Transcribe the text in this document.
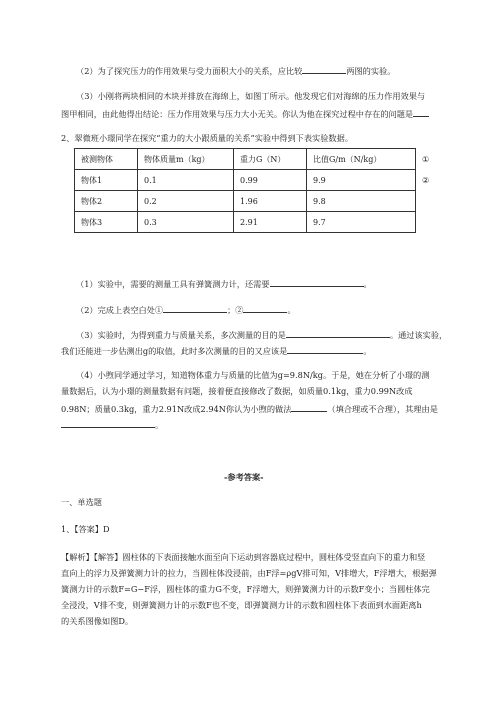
（2）为了探究压力的作用效果与受力面积大小的关系，应比较	两图的实验。
（3）小刚将两块相同的木块并排放在海绵上，如图丁所示。他发现它们对海绵的压力作用效果与
图甲相同，由此他得出结论：压力作用效果与压力大小无关。你认为他在探究过程中存在的问题是
2、翠微班小璟同学在探究“重力的大小跟质量的关系”实验中得到下表实验数据。
被测物体	物体质量m（kg）	重力G（N）	比值G/m（N/kg）	①
物体1	0.1	0.99	9.9	②
物体2	0.2	1.96	9.8	
物体3	0.3	2.91	9.7	
（1）实验中，需要的测量工具有弹簧测力计，还需要	。
（2）完成上表空白处①	；②	。
（3）实验时，为得到重力与质量关系，多次测量的目的是	。通过该实验，
我们还能进一步估测出g的取值，此时多次测量的目的又应该是	。
（4）小煦同学通过学习，知道物体重力与质量的比值为g=9.8N/kg。于是，她在分析了小璟的测
量数据后，认为小璟的测量数据有问题，接着便直接修改了数据，如质量0.1kg，重力0.99N改成
0.98N；质量0.3kg，重力2.91N改成2.94N你认为小煦的做法	（填合理或不合理），其理由是
。
-参考答案-
一、单选题
1、【答案】D
【解析】【解答】圆柱体的下表面接触水面至向下运动到容器底过程中，圆柱体受竖直向下的重力和竖
直向上的浮力及弹簧测力计的拉力，当圆柱体没浸前，由F浮=ρgV排可知，V排增大，F浮增大，根据弹
簧测力计的示数F=G−F浮，圆柱体的重力G不变，F浮增大，则弹簧测力计的示数F变小；当圆柱体完
全浸没，V排不变，则弹簧测力计的示数F也不变，即弹簧测力计的示数和圆柱体下表面到水面距离h
的关系图像如图D。
